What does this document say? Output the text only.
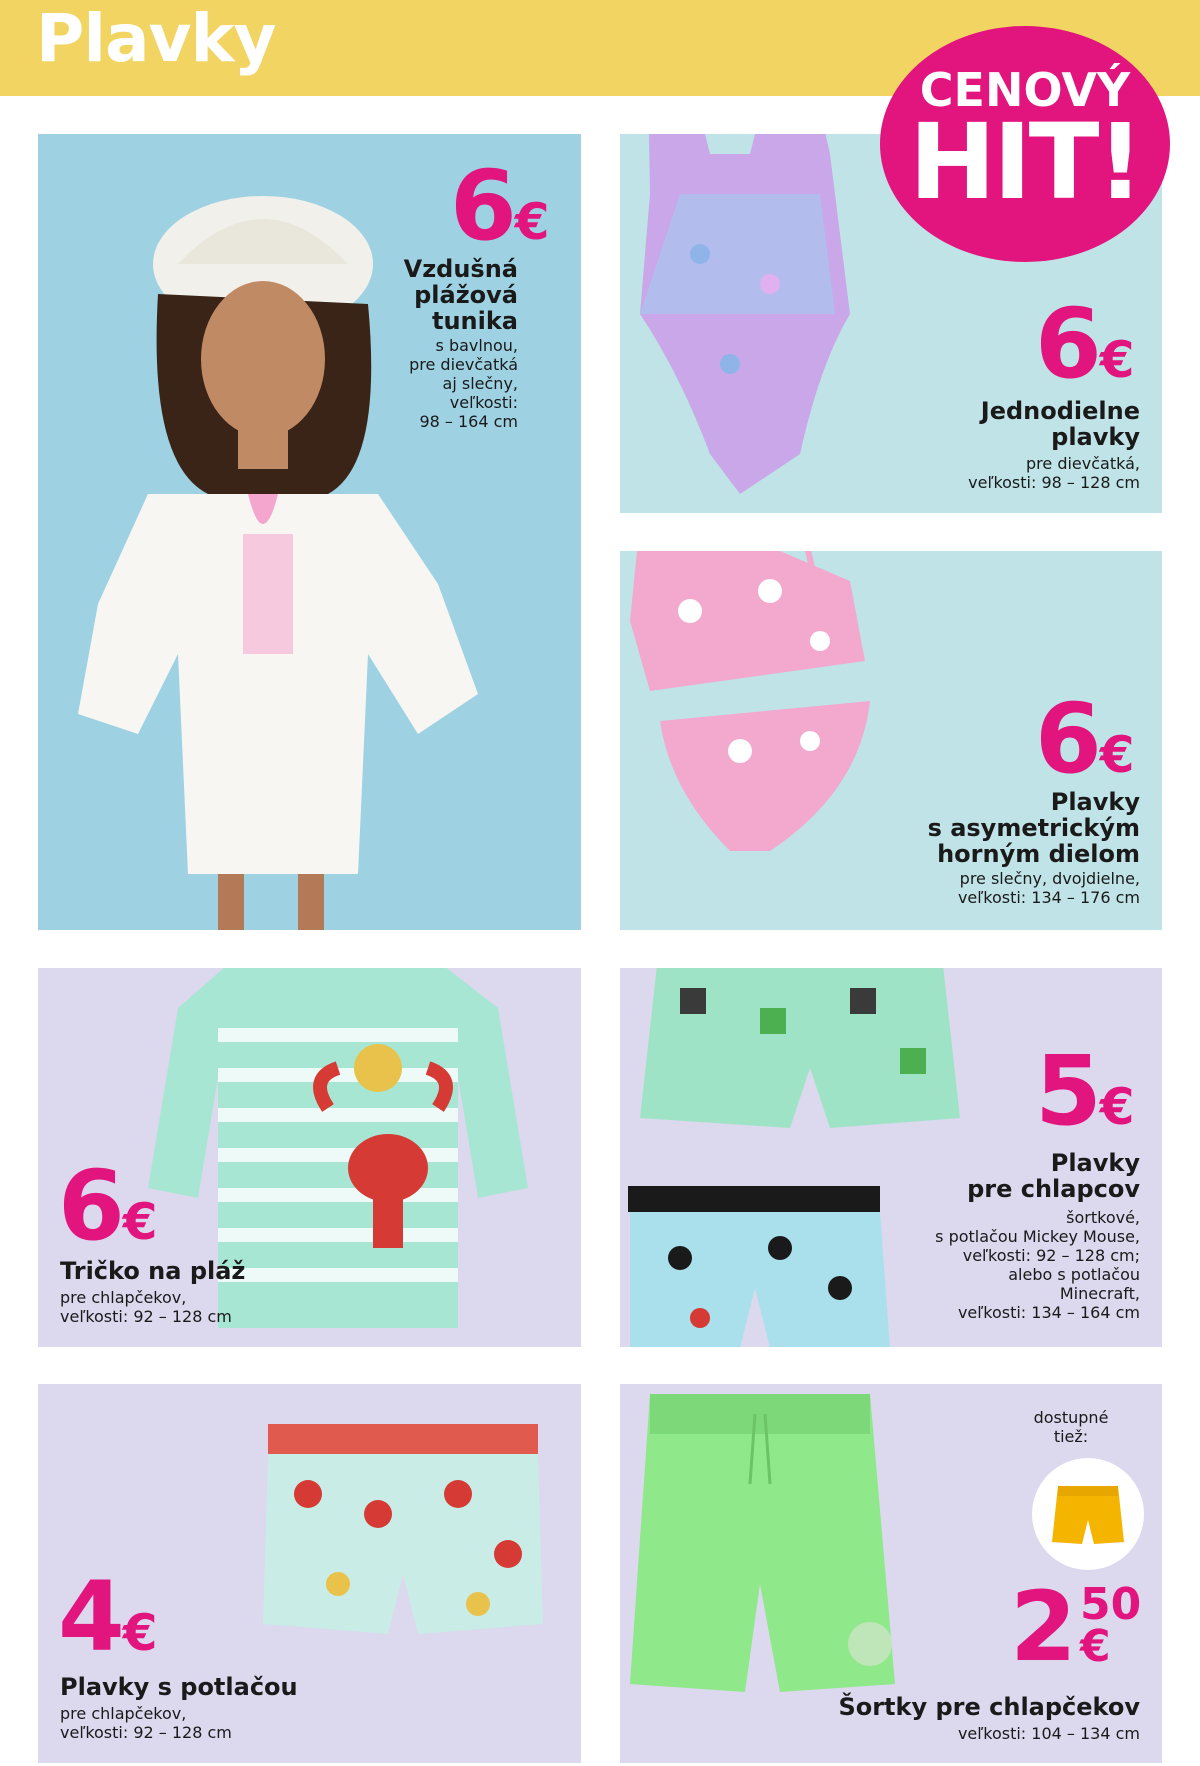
Plavky
6€
Vzdušná
plážová
tunika
s bavlnou,
pre dievčatká
aj slečny,
veľkosti:
98 – 164 cm
6€
Jednodielne
plavky
pre dievčatká,
veľkosti: 98 – 128 cm
6€
Plavky
s asymetrickým
horným dielom
pre slečny, dvojdielne,
veľkosti: 134 – 176 cm
CENOVÝ
HIT!
6€
Tričko na pláž
pre chlapčekov,
veľkosti: 92 – 128 cm
5€
Plavky
pre chlapcov
šortkové,
s potlačou Mickey Mouse,
veľkosti: 92 – 128 cm;
alebo s potlačou
Minecraft,
veľkosti: 134 – 164 cm
4€
Plavky s potlačou
pre chlapčekov,
veľkosti: 92 – 128 cm
dostupné
tiež:
2 50
€
Šortky pre chlapčekov
veľkosti: 104 – 134 cm
